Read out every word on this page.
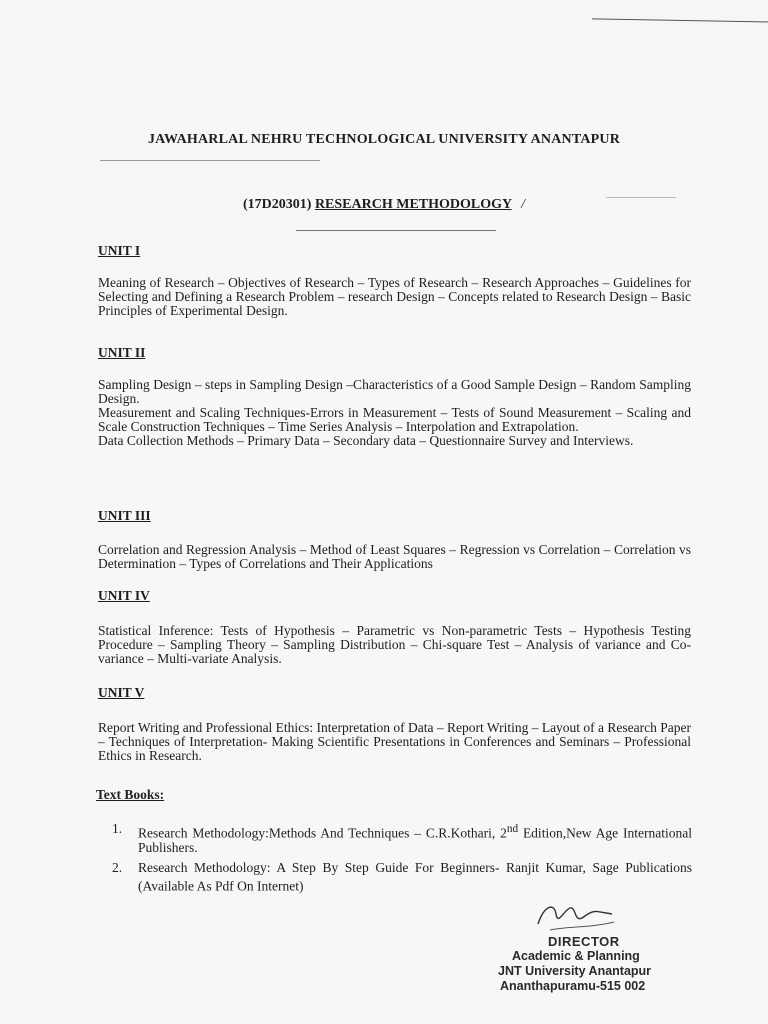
JAWAHARLAL NEHRU TECHNOLOGICAL UNIVERSITY ANANTAPUR
(17D20301) RESEARCH METHODOLOGY /
UNIT I

Meaning of Research – Objectives of Research – Types of Research – Research Approaches – Guidelines for Selecting and Defining a Research Problem – research Design – Concepts related to Research Design – Basic Principles of Experimental Design.

UNIT II

Sampling Design – steps in Sampling Design –Characteristics of a Good Sample Design – Random Sampling Design.

Measurement and Scaling Techniques-Errors in Measurement – Tests of Sound Measurement – Scaling and Scale Construction Techniques – Time Series Analysis – Interpolation and Extrapolation.

Data Collection Methods – Primary Data – Secondary data – Questionnaire Survey and Interviews.

UNIT III

Correlation and Regression Analysis – Method of Least Squares – Regression vs Correlation – Correlation vs Determination – Types of Correlations and Their Applications

UNIT IV

Statistical Inference: Tests of Hypothesis – Parametric vs Non-parametric Tests – Hypothesis Testing Procedure – Sampling Theory – Sampling Distribution – Chi-square Test – Analysis of variance and Co-variance – Multi-variate Analysis.

UNIT V

Report Writing and Professional Ethics: Interpretation of Data – Report Writing – Layout of a Research Paper – Techniques of Interpretation- Making Scientific Presentations in Conferences and Seminars – Professional Ethics in Research.

Text Books:
1. Research Methodology:Methods And Techniques – C.R.Kothari, 2nd Edition,New Age International Publishers.
2. Research Methodology: A Step By Step Guide For Beginners- Ranjit Kumar, Sage Publications (Available As Pdf On Internet)
DIRECTOR
Academic & Planning
JNT University Anantapur
Ananthapuramu-515 002
